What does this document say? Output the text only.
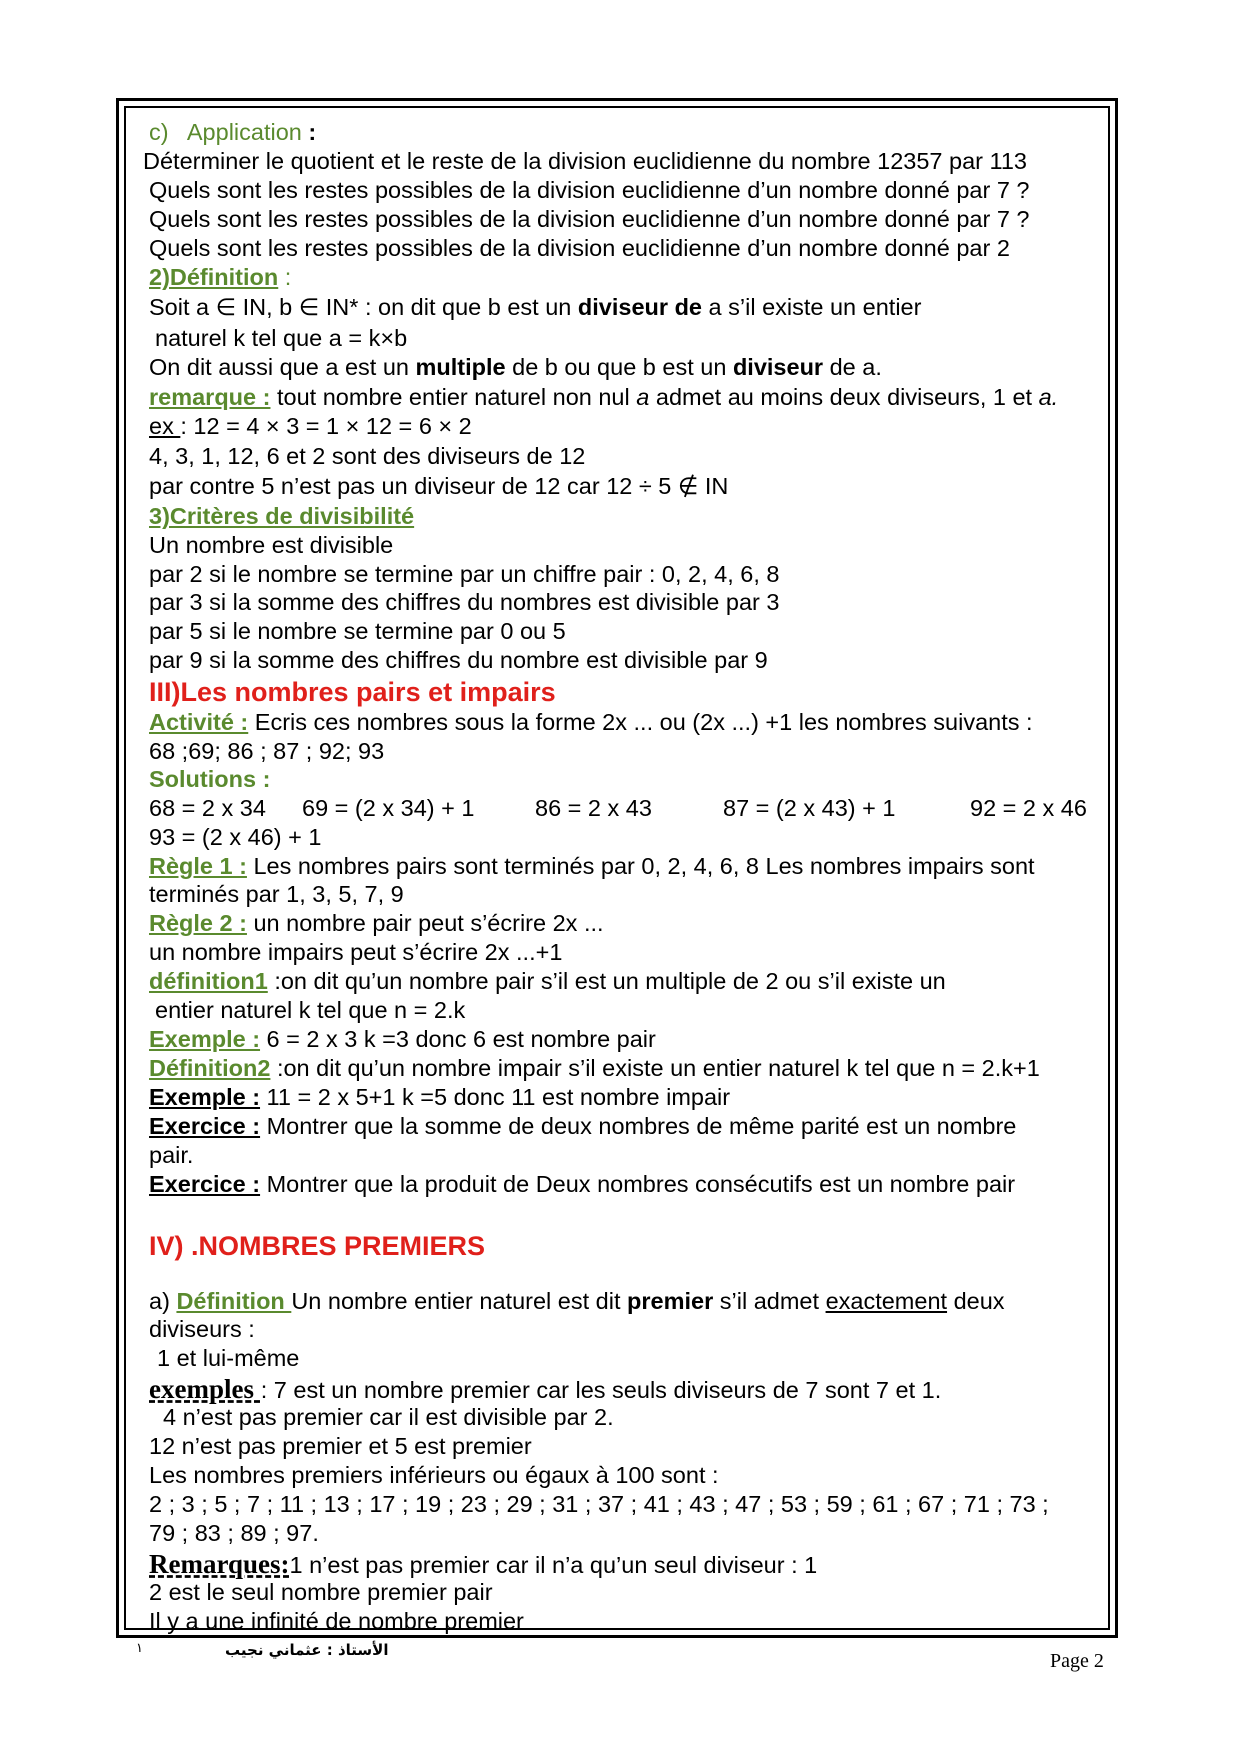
c) Application :
Déterminer le quotient et le reste de la division euclidienne du nombre 12357 par 113
Quels sont les restes possibles de la division euclidienne d’un nombre donné par 7 ?
Quels sont les restes possibles de la division euclidienne d’un nombre donné par 7 ?
Quels sont les restes possibles de la division euclidienne d’un nombre donné par 2
2)Définition :
Soit a ∈ IN, b ∈ IN* : on dit que b est un diviseur de a s’il existe un entier
naturel k tel que a = k×b
On dit aussi que a est un multiple de b ou que b est un diviseur de a.
remarque : tout nombre entier naturel non nul a admet au moins deux diviseurs, 1 et a.
ex : 12 = 4 × 3 = 1 × 12 = 6 × 2
4, 3, 1, 12, 6 et 2 sont des diviseurs de 12
par contre 5 n’est pas un diviseur de 12 car 12 ÷ 5 ∉ IN
3)Critères de divisibilité
Un nombre est divisible
par 2 si le nombre se termine par un chiffre pair : 0, 2, 4, 6, 8
par 3 si la somme des chiffres du nombres est divisible par 3
par 5 si le nombre se termine par 0 ou 5
par 9 si la somme des chiffres du nombre est divisible par 9
III)Les nombres pairs et impairs
Activité : Ecris ces nombres sous la forme 2x ... ou (2x ...) +1 les nombres suivants :
68 ;69; 86 ; 87 ; 92; 93
Solutions :
68 = 2 x 34 69 = (2 x 34) + 1	86 = 2 x 43	87 = (2 x 43) + 1	92 = 2 x 46
93 = (2 x 46) + 1
Règle 1 : Les nombres pairs sont terminés par 0, 2, 4, 6, 8 Les nombres impairs sont
terminés par 1, 3, 5, 7, 9
Règle 2 : un nombre pair peut s’écrire 2x ...
un nombre impairs peut s’écrire 2x ...+1
définition1 :on dit qu’un nombre pair s’il est un multiple de 2 ou s’il existe un
entier naturel k tel que n = 2.k
Exemple : 6 = 2 x 3 k =3 donc 6 est nombre pair
Définition2 :on dit qu’un nombre impair s’il existe un entier naturel k tel que n = 2.k+1
Exemple : 11 = 2 x 5+1 k =5 donc 11 est nombre impair
Exercice : Montrer que la somme de deux nombres de même parité est un nombre
pair.
Exercice : Montrer que la produit de Deux nombres consécutifs est un nombre pair
IV) .NOMBRES PREMIERS
a) Définition Un nombre entier naturel est dit premier s’il admet exactement deux
diviseurs :
1 et lui-même
exemples : 7 est un nombre premier car les seuls diviseurs de 7 sont 7 et 1.
4 n’est pas premier car il est divisible par 2.
12 n’est pas premier et 5 est premier
Les nombres premiers inférieurs ou égaux à 100 sont :
2 ; 3 ; 5 ; 7 ; 11 ; 13 ; 17 ; 19 ; 23 ; 29 ; 31 ; 37 ; 41 ; 43 ; 47 ; 53 ; 59 ; 61 ; 67 ; 71 ; 73 ;
79 ; 83 ; 89 ; 97.
Remarques:1 n’est pas premier car il n’a qu’un seul diviseur : 1
2 est le seul nombre premier pair
Il y a une infinité de nombre premier
١	الأستاذ : عثماني نجيب	Page 2
